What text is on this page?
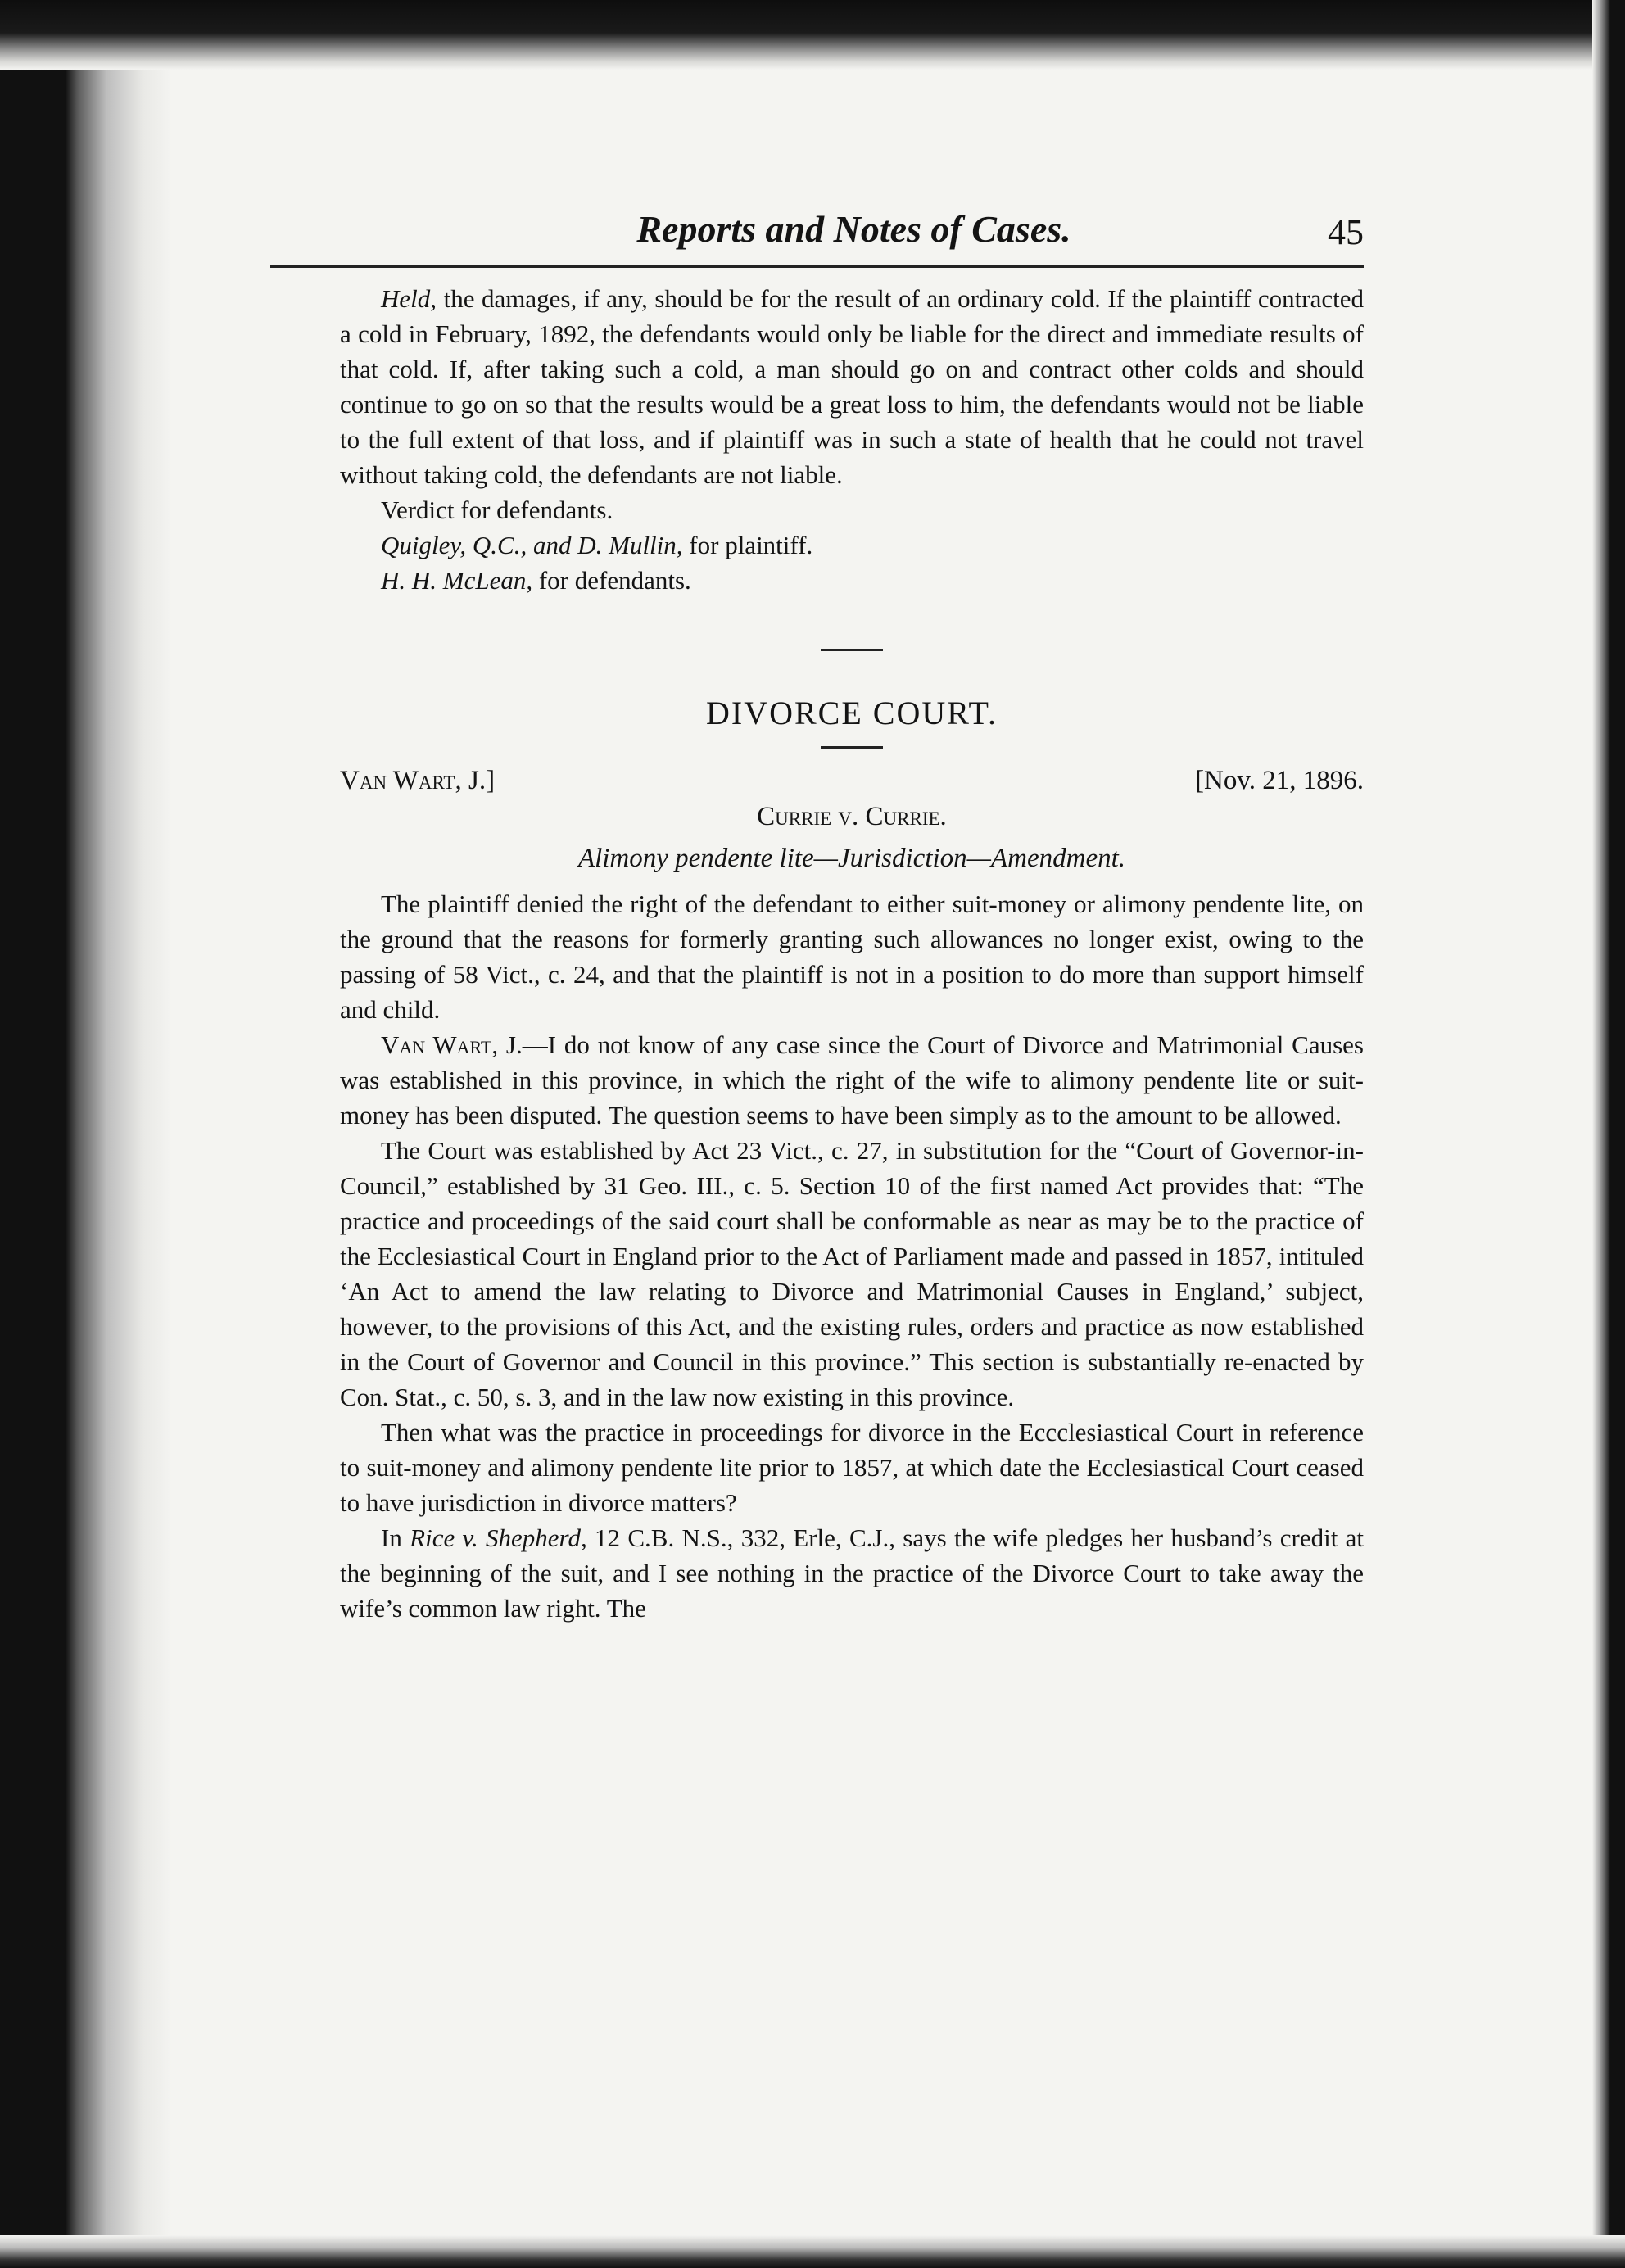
Reports and Notes of Cases.	45

Held, the damages, if any, should be for the result of an ordinary cold. If the plaintiff contracted a cold in February, 1892, the defendants would only be liable for the direct and immediate results of that cold. If, after taking such a cold, a man should go on and contract other colds and should continue to go on so that the results would be a great loss to him, the defendants would not be liable to the full extent of that loss, and if plaintiff was in such a state of health that he could not travel without taking cold, the defendants are not liable.

Verdict for defendants.

Quigley, Q.C., and D. Mullin, for plaintiff.

H. H. McLean, for defendants.

DIVORCE COURT.
Van Wart, J.]	[Nov. 21, 1896.
Currie v. Currie.
Alimony pendente lite—Jurisdiction—Amendment.

The plaintiff denied the right of the defendant to either suit-money or alimony pendente lite, on the ground that the reasons for formerly granting such allowances no longer exist, owing to the passing of 58 Vict., c. 24, and that the plaintiff is not in a position to do more than support himself and child.

Van Wart, J.—I do not know of any case since the Court of Divorce and Matrimonial Causes was established in this province, in which the right of the wife to alimony pendente lite or suit-money has been disputed. The question seems to have been simply as to the amount to be allowed.

The Court was established by Act 23 Vict., c. 27, in substitution for the “Court of Governor-in-Council,” established by 31 Geo. III., c. 5. Section 10 of the first named Act provides that: “The practice and proceedings of the said court shall be conformable as near as may be to the practice of the Ecclesiastical Court in England prior to the Act of Parliament made and passed in 1857, intituled ‘An Act to amend the law relating to Divorce and Matrimonial Causes in England,’ subject, however, to the provisions of this Act, and the existing rules, orders and practice as now established in the Court of Governor and Council in this province.” This section is substantially re-enacted by Con. Stat., c. 50, s. 3, and in the law now existing in this province.

Then what was the practice in proceedings for divorce in the Eccclesiastical Court in reference to suit-money and alimony pendente lite prior to 1857, at which date the Ecclesiastical Court ceased to have jurisdiction in divorce matters?

In Rice v. Shepherd, 12 C.B. N.S., 332, Erle, C.J., says the wife pledges her husband’s credit at the beginning of the suit, and I see nothing in the practice of the Divorce Court to take away the wife’s common law right. The
